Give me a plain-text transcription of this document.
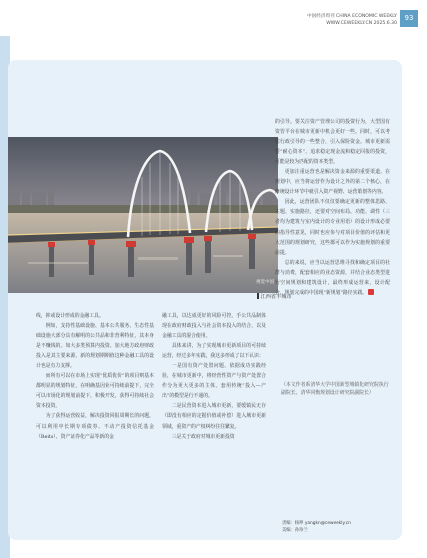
中国经济周刊 CHINA ECONOMIC WEEKLY
WWW.CEWEEKLY.CN 2025.6.30
93
视觉中国
江西省丰城市

线，抑或设计形成的金融工具。

例如，支持性基础设施、基本公共服务、生态性基础设施大部分具有解明的公共品和非营利特征，其本身是不赚钱的。如大多类预算内投资、加大地方政府财政投入是其主要来源，新的规划期期值这种金融工具的设计也是有力支撑。

而所有可以在市场上实现“优质优价”的项目则基本都明显的规划特征，在明确基因业可持续前提下，完全可以市场化的规划前提下，积极开发，获得可持续社会资本投资。

为了获得运营收益，解决投资回报周期长的问题，可以利用中长期专项债券、不动产投资信托基金（Reits）、资产证券化产品等新的金

融工具，以达成更好的风险可控。手公共品制体现在政府财政投入与社会资本投入的结合，以及金融工具的混合使用。

具体来讲，为了实现城市更新项目的可持续运营，经过多年实践，我这多形成了以下认识：

一是国有资产处置问题。依据成功实践经验，在城市更新中，将经营性资产与资产处置合作分为更大更多的主体，套用传统“投入—产出”的模型是行不通的。

二是民营资本进入城市更新，要缓镇民无存（即没有相应的定据价值或补偿）进入城市更新领域，重资产的产权纠纷往往繁复。

三是关于政府对城市更新投资

的引导。要关注资产管理公司的投资行为，大型国有资管平台在城市更新中机会更好一些。同时，可以考虑行政引导的一些整合，引入保险资金。城市更新需要“耐心资本”，追求稳定现金流和稳定回报的投资，可能是较为匹配的资本类型。

更加注重运营也是解决资金来源的重要渠道。在规划中，应当将运营作为设计之外的第二个核心，在修统设计环节中就引入资产视野、运营策划等内容。

因此，运营团队不仅仅要确定更新的整体思路、主题、实施路径，还要对空间布局、功能、调性（三者均为建筑与室内设计的专业用语）的设计形成必要的指导性意见，同时也应参与对项目价值的评估和更大范围的规划研究，这些都可以作为实施规划的重要前提。

总的来说，应当以运营思维寻找和确定项目的社群与消费，配套相应的业态资源，并结合业态类型进行空间规划和建筑设计，最终形成运营来，设计配合、规划完成的中国现“新规划”路径实践。

（本文作者系清华大学中国新型城镇化研究院执行副院长、清华同衡规划设计研究院副院长）
责编：杨坤 yangkn@ceweekly.cn
美编：孙珍兰
